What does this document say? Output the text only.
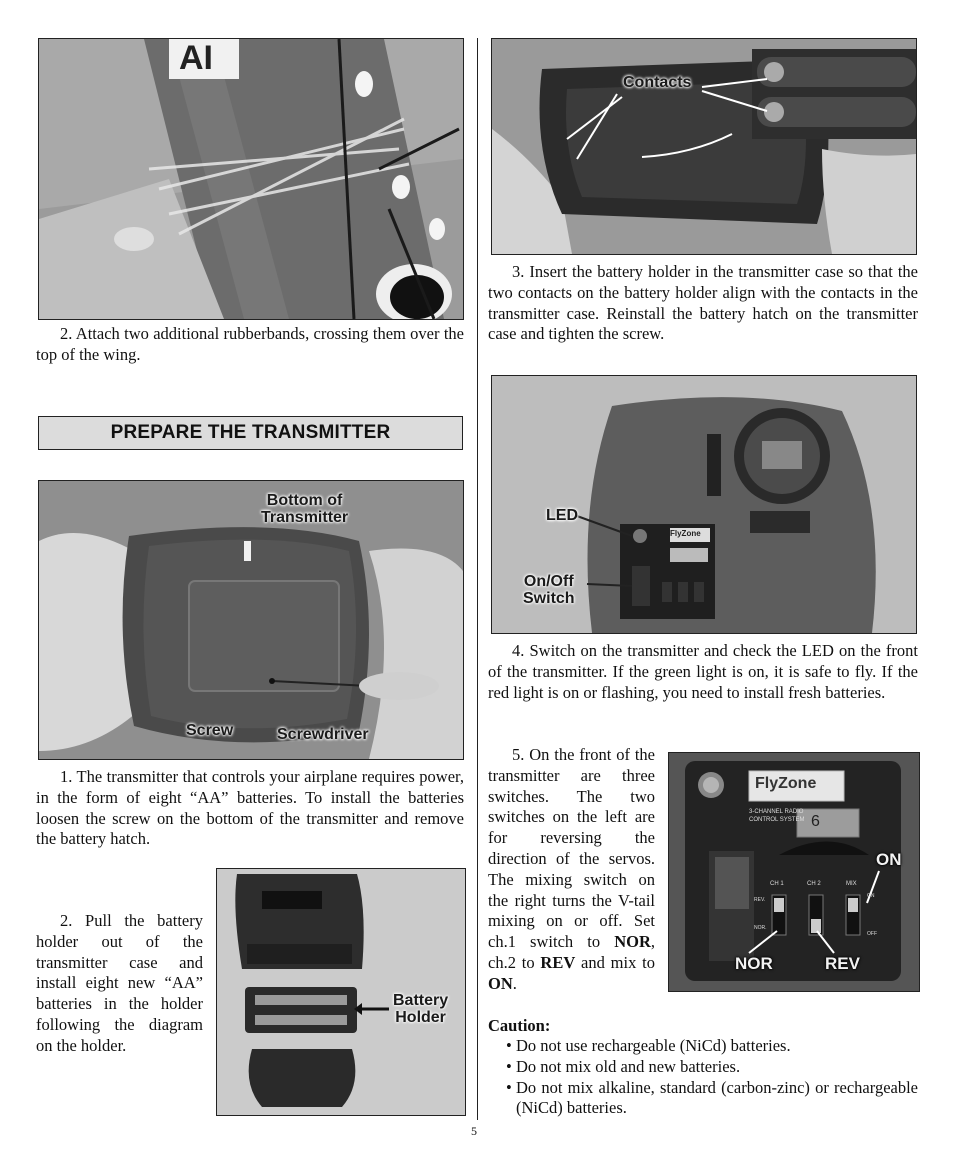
AI

2. Attach two additional rubberbands, crossing them over the top of the wing.

PREPARE THE TRANSMITTER
Bottom of
Transmitter
Screw	Screwdriver

1. The transmitter that controls your airplane requires power, in the form of eight “AA” batteries. To install the batteries loosen the screw on the bottom of the transmitter and remove the battery hatch.

2. Pull the battery holder out of the transmitter case and install eight new “AA” batteries in the holder following the diagram on the holder.

Battery
Holder
Contacts

3. Insert the battery holder in the transmitter case so that the two contacts on the battery holder align with the contacts in the transmitter case. Reinstall the battery hatch on the transmitter case and tighten the screw.

LED
On/Off
Switch
FlyZone

4. Switch on the transmitter and check the LED on the front of the transmitter. If the green light is on, it is safe to fly. If the red light is on or flashing, you need to install fresh batteries.

5. On the front of the transmitter are three switches. The two switches on the left are for reversing the direction of the servos. The mixing switch on the right turns the V-tail mixing on or off. Set ch.1 switch to NOR, ch.2 to REV and mix to ON.

FlyZone
3-CHANNEL RADIO
CONTROL SYSTEM 6
CH 1	CH 2	MIX
REV.
NOR.
ON
OFF
ON
NOR	REV
Caution:
• Do not use rechargeable (NiCd) batteries.
• Do not mix old and new batteries.
• Do not mix alkaline, standard (carbon-zinc) or rechargeable (NiCd) batteries.
5
